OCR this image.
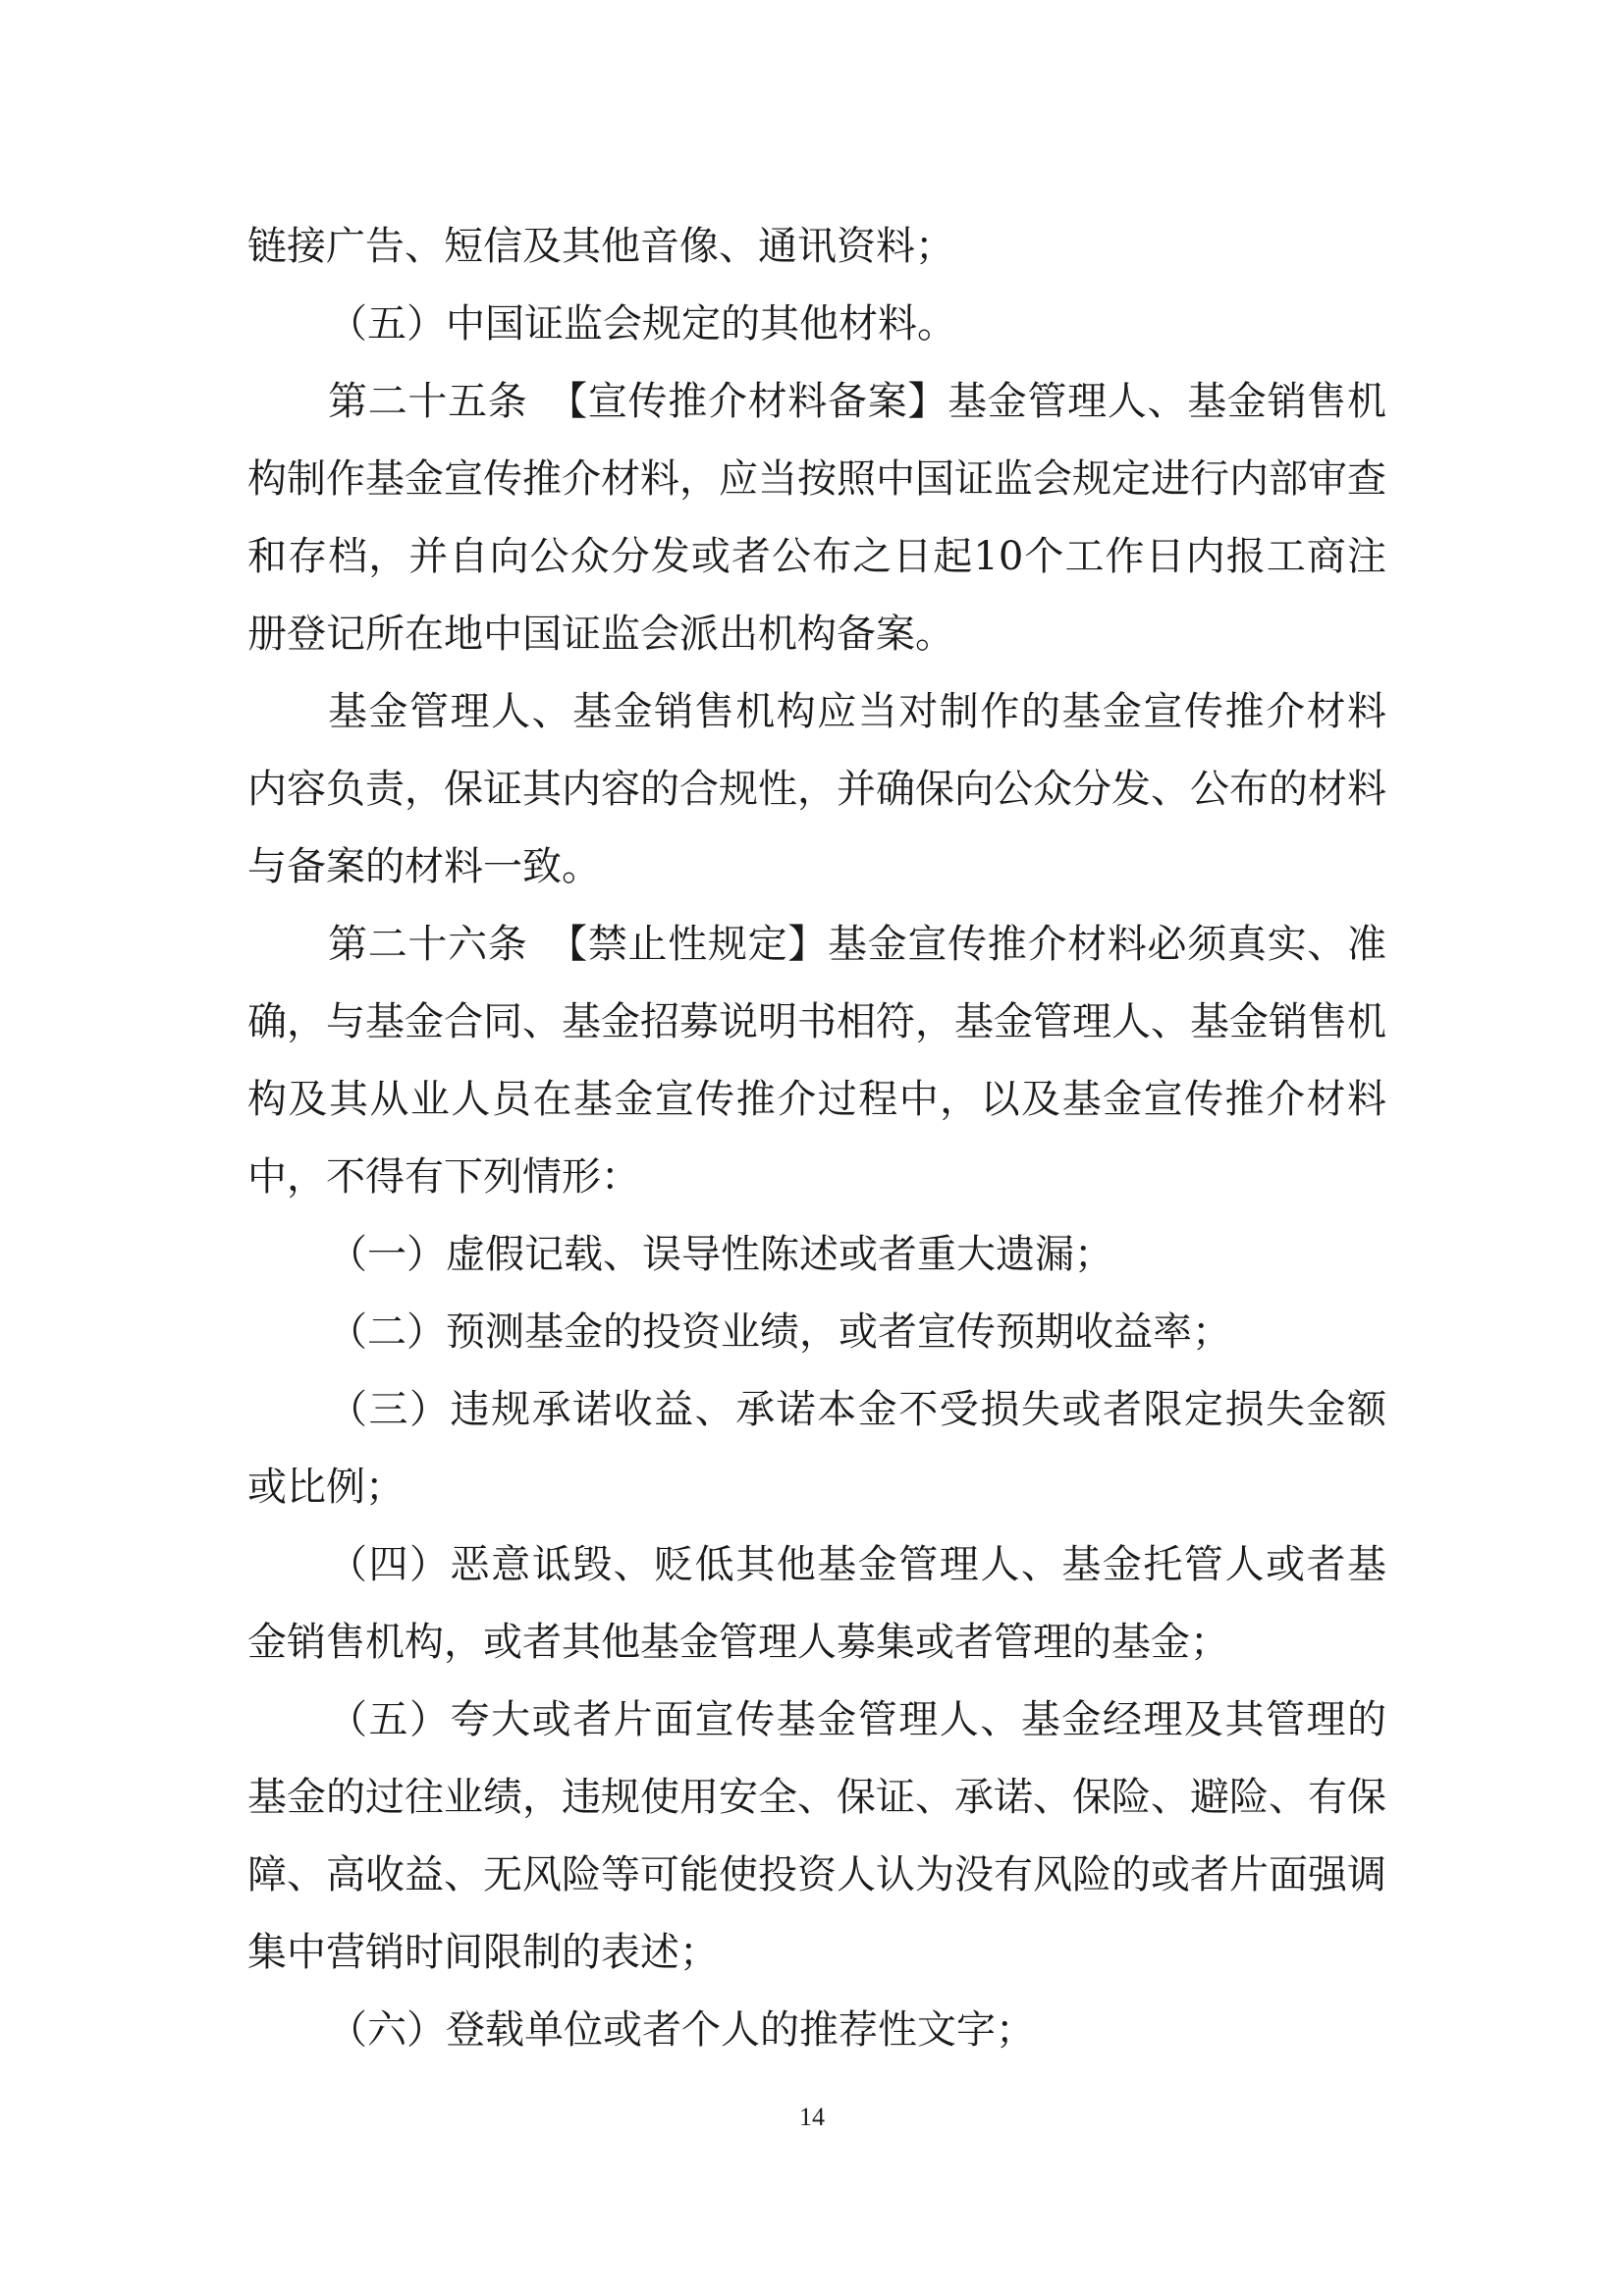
链接广告、短信及其他音像、通讯资料；

（五）中国证监会规定的其他材料。

第二十五条　【宣传推介材料备案】基金管理人、基金销售机构制作基金宣传推介材料，应当按照中国证监会规定进行内部审查和存档，并自向公众分发或者公布之日起10个工作日内报工商注册登记所在地中国证监会派出机构备案。

基金管理人、基金销售机构应当对制作的基金宣传推介材料内容负责，保证其内容的合规性，并确保向公众分发、公布的材料与备案的材料一致。

第二十六条　【禁止性规定】基金宣传推介材料必须真实、准确，与基金合同、基金招募说明书相符，基金管理人、基金销售机构及其从业人员在基金宣传推介过程中，以及基金宣传推介材料中，不得有下列情形：

（一）虚假记载、误导性陈述或者重大遗漏；

（二）预测基金的投资业绩，或者宣传预期收益率；

（三）违规承诺收益、承诺本金不受损失或者限定损失金额或比例；

（四）恶意诋毁、贬低其他基金管理人、基金托管人或者基金销售机构，或者其他基金管理人募集或者管理的基金；

（五）夸大或者片面宣传基金管理人、基金经理及其管理的基金的过往业绩，违规使用安全、保证、承诺、保险、避险、有保障、高收益、无风险等可能使投资人认为没有风险的或者片面强调集中营销时间限制的表述；

（六）登载单位或者个人的推荐性文字；

14
